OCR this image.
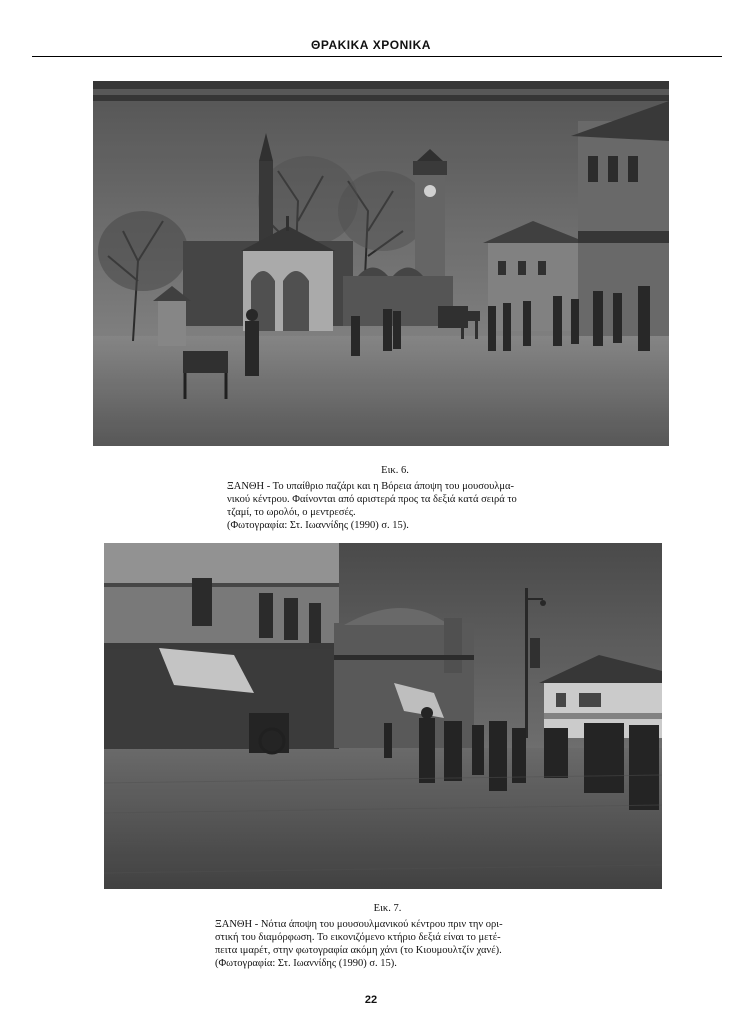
ΘΡΑΚΙΚΑ ΧΡΟΝΙΚΑ
Εικ. 6.

ΞΑΝΘΗ - Το υπαίθριο παζάρι και η Βόρεια άποψη του μουσουλμα-

νικού κέντρου. Φαίνονται από αριστερά προς τα δεξιά κατά σειρά το

τζαμί, το ωρολόι, ο μεντρεσές.

(Φωτογραφία: Στ. Ιωαννίδης (1990) σ. 15).

Εικ. 7.

ΞΑΝΘΗ - Νότια άποψη του μουσουλμανικού κέντρου πριν την ορι-

στική του διαμόρφωση. Το εικονιζόμενο κτήριο δεξιά είναι το μετέ-

πειτα ιμαρέτ, στην φωτογραφία ακόμη χάνι (το Κιουμουλτζίν χανέ).

(Φωτογραφία: Στ. Ιωαννίδης (1990) σ. 15).

22
